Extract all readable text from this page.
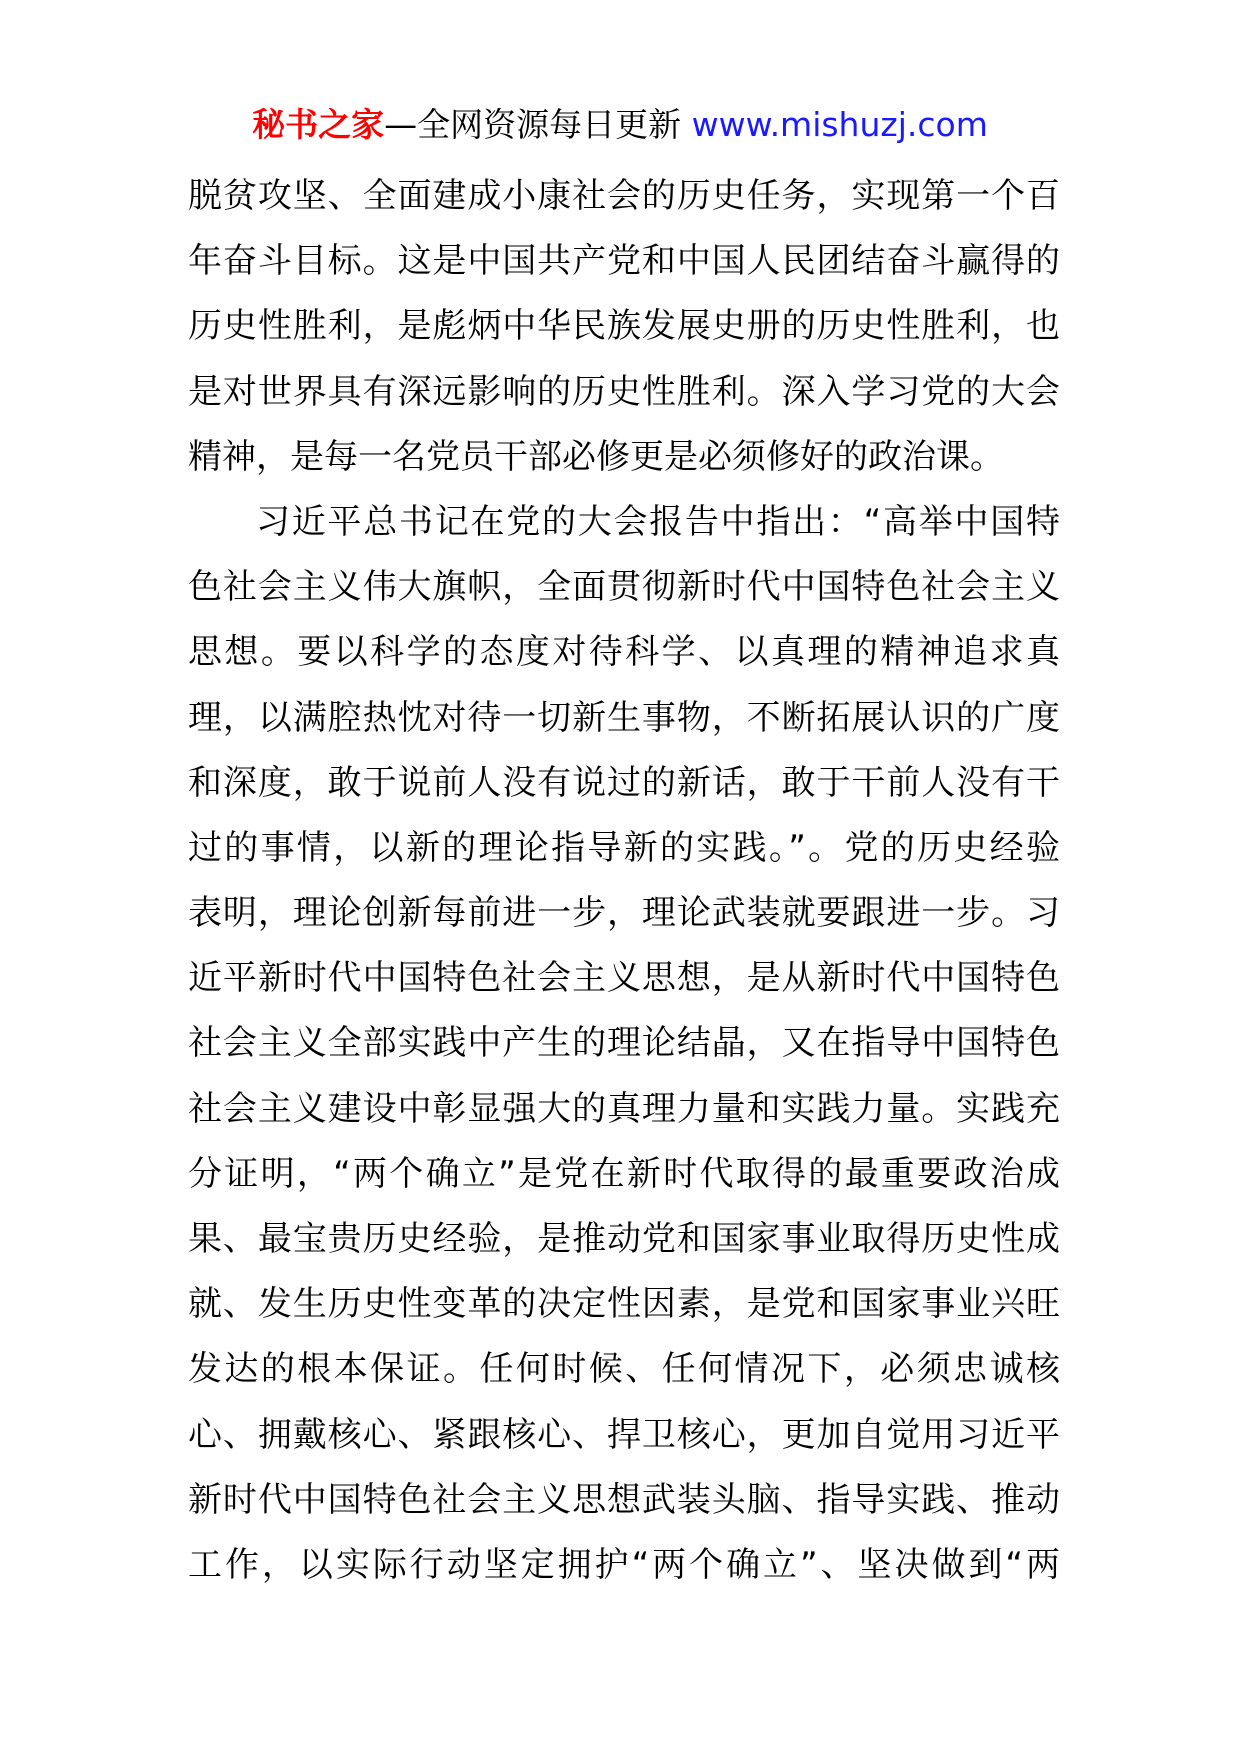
秘书之家—全网资源每日更新 www.mishuzj.com
脱贫攻坚、全面建成小康社会的历史任务，实现第一个百
年奋斗目标。这是中国共产党和中国人民团结奋斗赢得的
历史性胜利，是彪炳中华民族发展史册的历史性胜利，也
是对世界具有深远影响的历史性胜利。深入学习党的大会
精神，是每一名党员干部必修更是必须修好的政治课。
习近平总书记在党的大会报告中指出：“高举中国特
色社会主义伟大旗帜，全面贯彻新时代中国特色社会主义
思想。要以科学的态度对待科学、以真理的精神追求真
理，以满腔热忱对待一切新生事物，不断拓展认识的广度
和深度，敢于说前人没有说过的新话，敢于干前人没有干
过的事情，以新的理论指导新的实践。”。党的历史经验
表明，理论创新每前进一步，理论武装就要跟进一步。习
近平新时代中国特色社会主义思想，是从新时代中国特色
社会主义全部实践中产生的理论结晶，又在指导中国特色
社会主义建设中彰显强大的真理力量和实践力量。实践充
分证明，“两个确立”是党在新时代取得的最重要政治成
果、最宝贵历史经验，是推动党和国家事业取得历史性成
就、发生历史性变革的决定性因素，是党和国家事业兴旺
发达的根本保证。任何时候、任何情况下，必须忠诚核
心、拥戴核心、紧跟核心、捍卫核心，更加自觉用习近平
新时代中国特色社会主义思想武装头脑、指导实践、推动
工作，以实际行动坚定拥护“两个确立”、坚决做到“两
